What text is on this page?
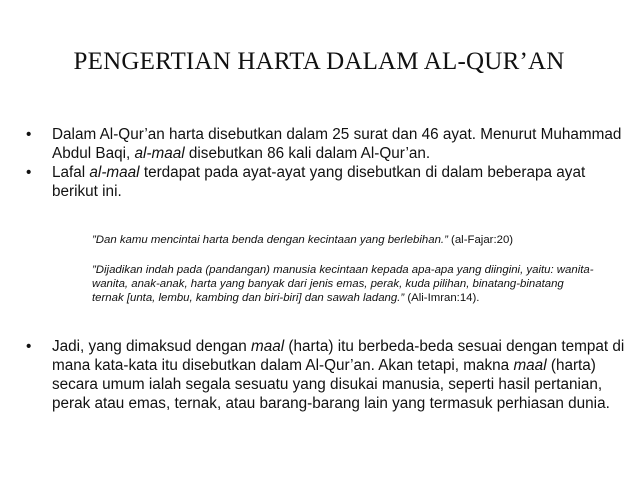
PENGERTIAN HARTA DALAM AL-QUR’AN
• Dalam Al-Qur’an harta disebutkan dalam 25 surat dan 46 ayat. Menurut Muhammad Abdul Baqi, al-maal disebutkan 86 kali dalam Al-Qur’an.
• Lafal al-maal terdapat pada ayat-ayat yang disebutkan di dalam beberapa ayat berikut ini.
”Dan kamu mencintai harta benda dengan kecintaan yang berlebihan.” (al-Fajar:20)
”Dijadikan indah pada (pandangan) manusia kecintaan kepada apa-apa yang diingini, yaitu: wanita-wanita, anak-anak, harta yang banyak dari jenis emas, perak, kuda pilihan, binatang-binatang ternak [unta, lembu, kambing dan biri-biri] dan sawah ladang.” (Ali-Imran:14).
• Jadi, yang dimaksud dengan maal (harta) itu berbeda-beda sesuai dengan tempat di mana kata-kata itu disebutkan dalam Al-Qur’an. Akan tetapi, makna maal (harta) secara umum ialah segala sesuatu yang disukai manusia, seperti hasil pertanian, perak atau emas, ternak, atau barang-barang lain yang termasuk perhiasan dunia.
